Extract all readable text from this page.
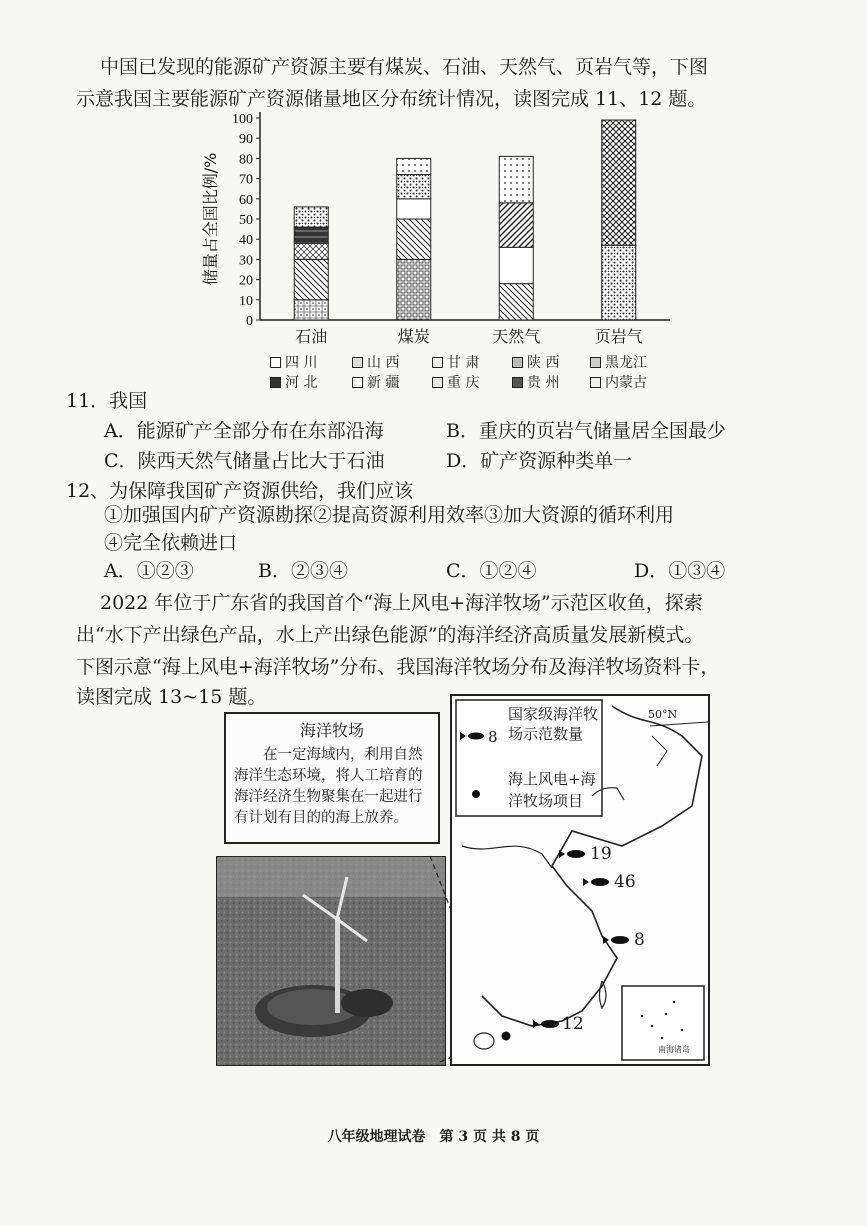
中国已发现的能源矿产资源主要有煤炭、石油、天然气、页岩气等，下图
示意我国主要能源矿产资源储量地区分布统计情况，读图完成 11、12 题。
0
10
20
30
40
50
60
70
80
90
100
储量占全国比例/%
石油	煤炭	天然气	页岩气
四 川	山 西	甘 肃	陕 西	黑龙江
河 北	新 疆	重 庆	贵 州	内蒙古
11．我国
A．能源矿产全部分布在东部沿海	B．重庆的页岩气储量居全国最少
C．陕西天然气储量占比大于石油	D．矿产资源种类单一
12、为保障我国矿产资源供给，我们应该
①加强国内矿产资源勘探②提高资源利用效率③加大资源的循环利用
④完全依赖进口
A．①②③	B．②③④	C．①②④	D．①③④
2022 年位于广东省的我国首个“海上风电+海洋牧场”示范区收鱼，探索
出“水下产出绿色产品，水上产出绿色能源”的海洋经济高质量发展新模式。
下图示意“海上风电+海洋牧场”分布、我国海洋牧场分布及海洋牧场资料卡，
读图完成 13~15 题。
海洋牧场
在一定海域内，利用自然海洋生态环境，将人工培育的海洋经济生物聚集在一起进行有计划有目的的海上放养。
8
国家级海洋牧场示范数量
海上风电+海洋牧场项目
50°N
19
46
8
12
南海诸岛
八年级地理试卷　第 3 页 共 8 页
